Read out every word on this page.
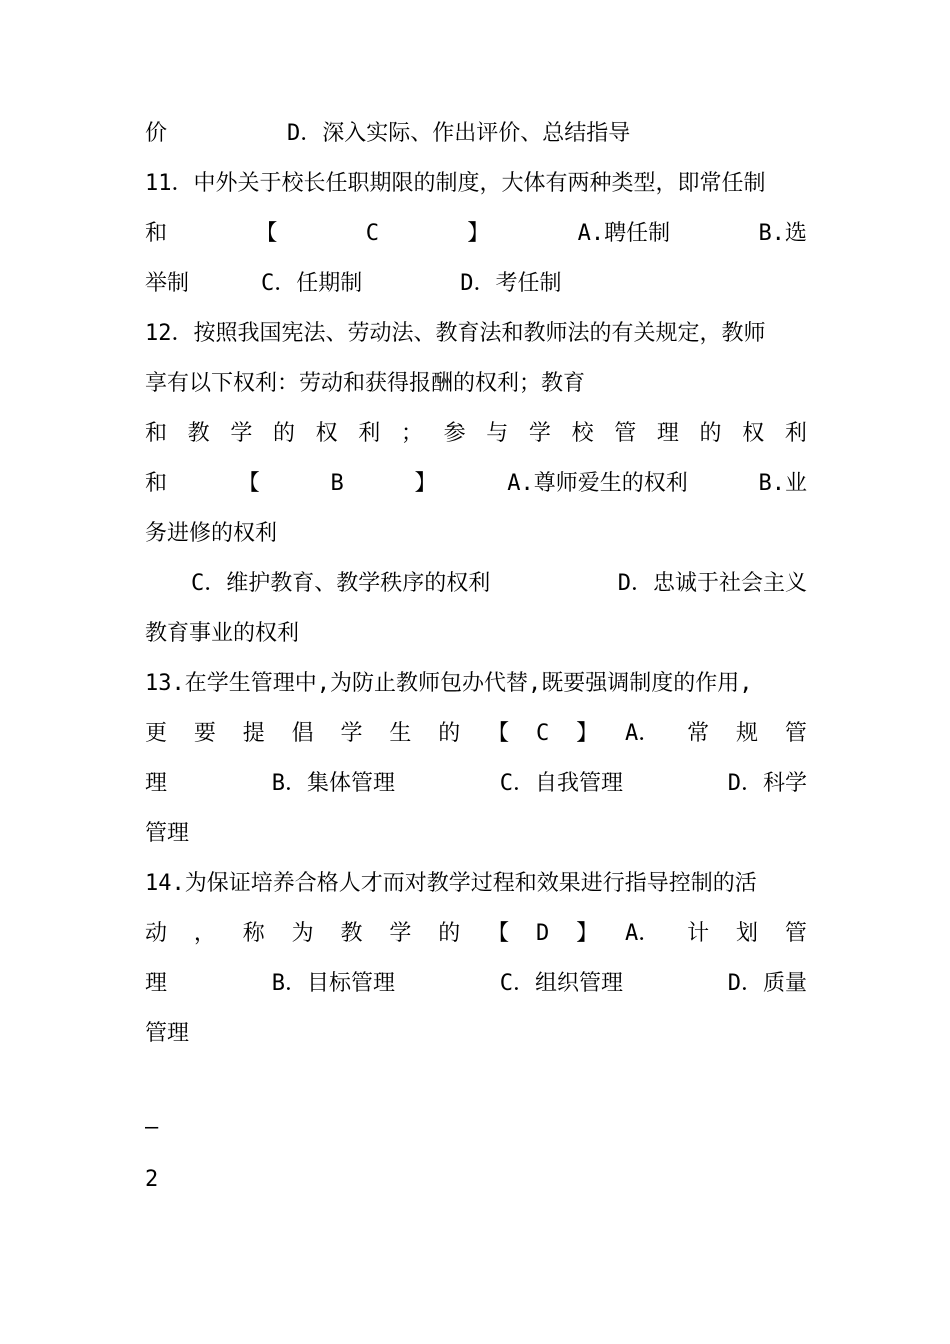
价	D．深入实际、作出评价、总结指导
11．中外关于校长任职期限的制度，大体有两种类型，即常任制
和	【	C	】	A.聘任制	B.选
举制	C．任期制	D．考任制
12．按照我国宪法、劳动法、教育法和教师法的有关规定，教师
享有以下权利：劳动和获得报酬的权利；教育
和 教 学 的 权 利 ； 参 与 学 校 管 理 的 权 利
和	【	B	】	A.尊师爱生的权利	B.业
务进修的权利
C．维护教育、教学秩序的权利	D．忠诚于社会主义
教育事业的权利
13.在学生管理中,为防止教师包办代替,既要强调制度的作用,
更 要 提 倡 学 生 的 【 C 】 A． 常 规 管
理	B．集体管理	C．自我管理	D．科学
管理
14.为保证培养合格人才而对教学过程和效果进行指导控制的活
动 ， 称 为 教 学 的 【 D 】 A． 计 划 管
理	B．目标管理	C．组织管理	D．质量
管理
–
2
